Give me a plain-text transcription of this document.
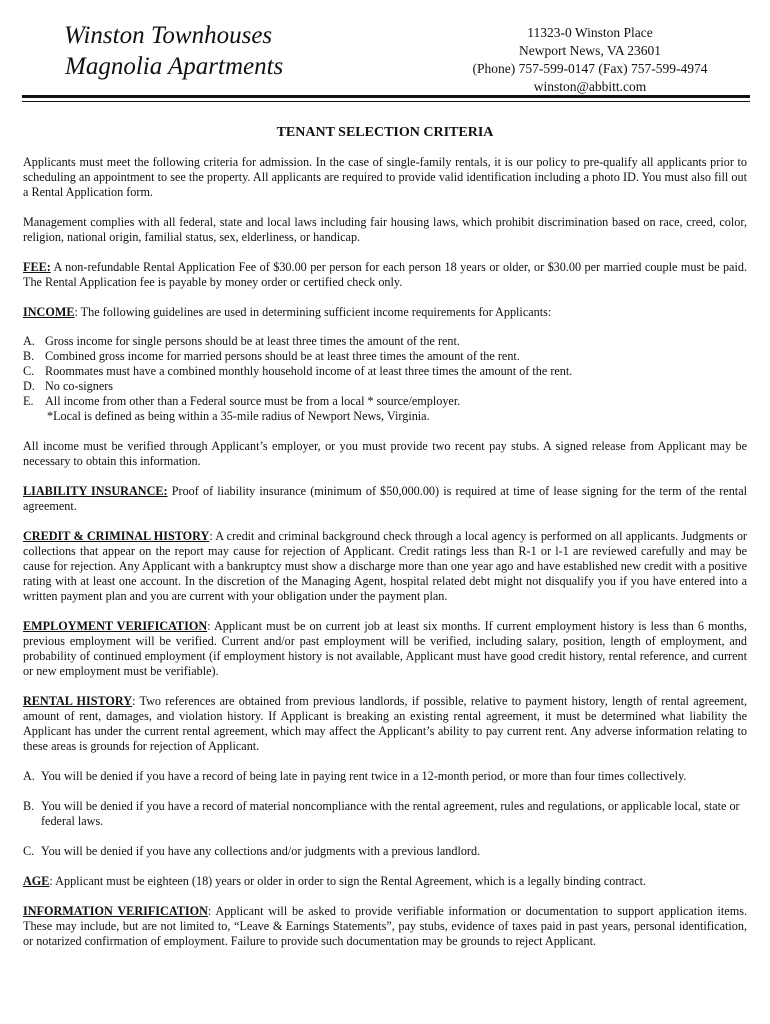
Winston Townhouses
Magnolia Apartments
11323-0 Winston Place
Newport News, VA 23601
(Phone) 757-599-0147 (Fax) 757-599-4974
winston@abbitt.com
TENANT SELECTION CRITERIA

Applicants must meet the following criteria for admission. In the case of single-family rentals, it is our policy to pre-qualify all applicants prior to scheduling an appointment to see the property. All applicants are required to provide valid identification including a photo ID. You must also fill out a Rental Application form.

Management complies with all federal, state and local laws including fair housing laws, which prohibit discrimination based on race, creed, color, religion, national origin, familial status, sex, elderliness, or handicap.

FEE: A non-refundable Rental Application Fee of $30.00 per person for each person 18 years or older, or $30.00 per married couple must be paid. The Rental Application fee is payable by money order or certified check only.

INCOME: The following guidelines are used in determining sufficient income requirements for Applicants:

A. Gross income for single persons should be at least three times the amount of the rent.
B. Combined gross income for married persons should be at least three times the amount of the rent.
C. Roommates must have a combined monthly household income of at least three times the amount of the rent.
D. No co-signers
E. All income from other than a Federal source must be from a local * source/employer.
*Local is defined as being within a 35-mile radius of Newport News, Virginia.

All income must be verified through Applicant’s employer, or you must provide two recent pay stubs. A signed release from Applicant may be necessary to obtain this information.

LIABILITY INSURANCE: Proof of liability insurance (minimum of $50,000.00) is required at time of lease signing for the term of the rental agreement.

CREDIT & CRIMINAL HISTORY: A credit and criminal background check through a local agency is performed on all applicants. Judgments or collections that appear on the report may cause for rejection of Applicant. Credit ratings less than R-1 or l-1 are reviewed carefully and may be cause for rejection. Any Applicant with a bankruptcy must show a discharge more than one year ago and have established new credit with a positive rating with at least one account. In the discretion of the Managing Agent, hospital related debt might not disqualify you if you have entered into a written payment plan and you are current with your obligation under the payment plan.

EMPLOYMENT VERIFICATION: Applicant must be on current job at least six months. If current employment history is less than 6 months, previous employment will be verified. Current and/or past employment will be verified, including salary, position, length of employment, and probability of continued employment (if employment history is not available, Applicant must have good credit history, rental reference, and current or new employment must be verifiable).

RENTAL HISTORY: Two references are obtained from previous landlords, if possible, relative to payment history, length of rental agreement, amount of rent, damages, and violation history. If Applicant is breaking an existing rental agreement, it must be determined what liability the Applicant has under the current rental agreement, which may affect the Applicant’s ability to pay current rent. Any adverse information relating to these areas is grounds for rejection of Applicant.

A. You will be denied if you have a record of being late in paying rent twice in a 12-month period, or more than four times collectively.
B. You will be denied if you have a record of material noncompliance with the rental agreement, rules and regulations, or applicable local, state or federal laws.
C. You will be denied if you have any collections and/or judgments with a previous landlord.

AGE: Applicant must be eighteen (18) years or older in order to sign the Rental Agreement, which is a legally binding contract.

INFORMATION VERIFICATION: Applicant will be asked to provide verifiable information or documentation to support application items. These may include, but are not limited to, “Leave & Earnings Statements”, pay stubs, evidence of taxes paid in past years, personal identification, or notarized confirmation of employment. Failure to provide such documentation may be grounds to reject Applicant.
